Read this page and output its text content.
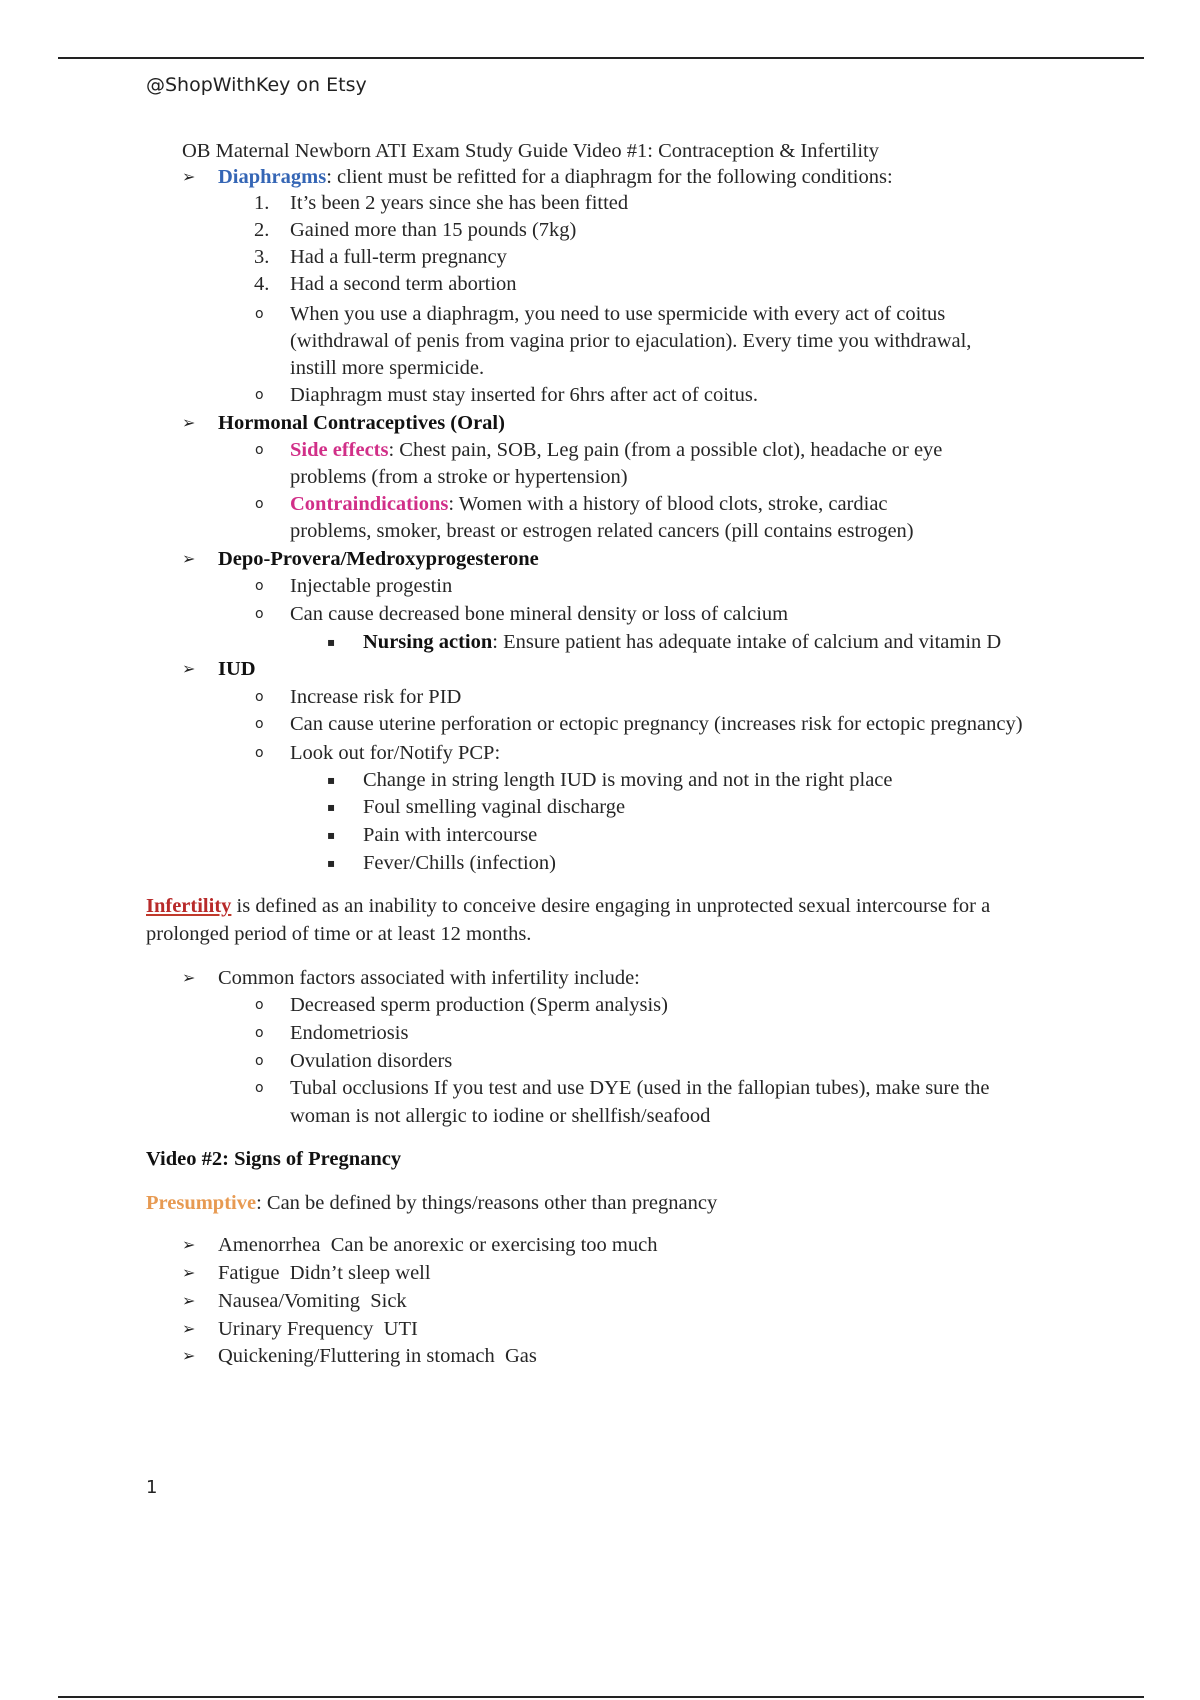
@ShopWithKey on Etsy
OB Maternal Newborn ATI Exam Study Guide Video #1: Contraception & Infertility
➢ Diaphragms: client must be refitted for a diaphragm for the following conditions:
1. It’s been 2 years since she has been fitted
2. Gained more than 15 pounds (7kg)
3. Had a full-term pregnancy
4. Had a second term abortion
o When you use a diaphragm, you need to use spermicide with every act of coitus
(withdrawal of penis from vagina prior to ejaculation). Every time you withdrawal,
instill more spermicide.
o Diaphragm must stay inserted for 6hrs after act of coitus.
➢ Hormonal Contraceptives (Oral)
o Side effects: Chest pain, SOB, Leg pain (from a possible clot), headache or eye
problems (from a stroke or hypertension)
o Contraindications: Women with a history of blood clots, stroke, cardiac
problems, smoker, breast or estrogen related cancers (pill contains estrogen)
➢ Depo-Provera/Medroxyprogesterone
o Injectable progestin
o Can cause decreased bone mineral density or loss of calcium
▪ Nursing action: Ensure patient has adequate intake of calcium and vitamin D
➢ IUD
o Increase risk for PID
o Can cause uterine perforation or ectopic pregnancy (increases risk for ectopic pregnancy)
o Look out for/Notify PCP:
▪ Change in string length IUD is moving and not in the right place
▪ Foul smelling vaginal discharge
▪ Pain with intercourse
▪ Fever/Chills (infection)
Infertility is defined as an inability to conceive desire engaging in unprotected sexual intercourse for a
prolonged period of time or at least 12 months.
➢ Common factors associated with infertility include:
o Decreased sperm production (Sperm analysis)
o Endometriosis
o Ovulation disorders
o Tubal occlusions If you test and use DYE (used in the fallopian tubes), make sure the
woman is not allergic to iodine or shellfish/seafood
Video #2: Signs of Pregnancy
Presumptive: Can be defined by things/reasons other than pregnancy
➢ Amenorrhea  Can be anorexic or exercising too much
➢ Fatigue  Didn’t sleep well
➢ Nausea/Vomiting  Sick
➢ Urinary Frequency  UTI
➢ Quickening/Fluttering in stomach  Gas
1
